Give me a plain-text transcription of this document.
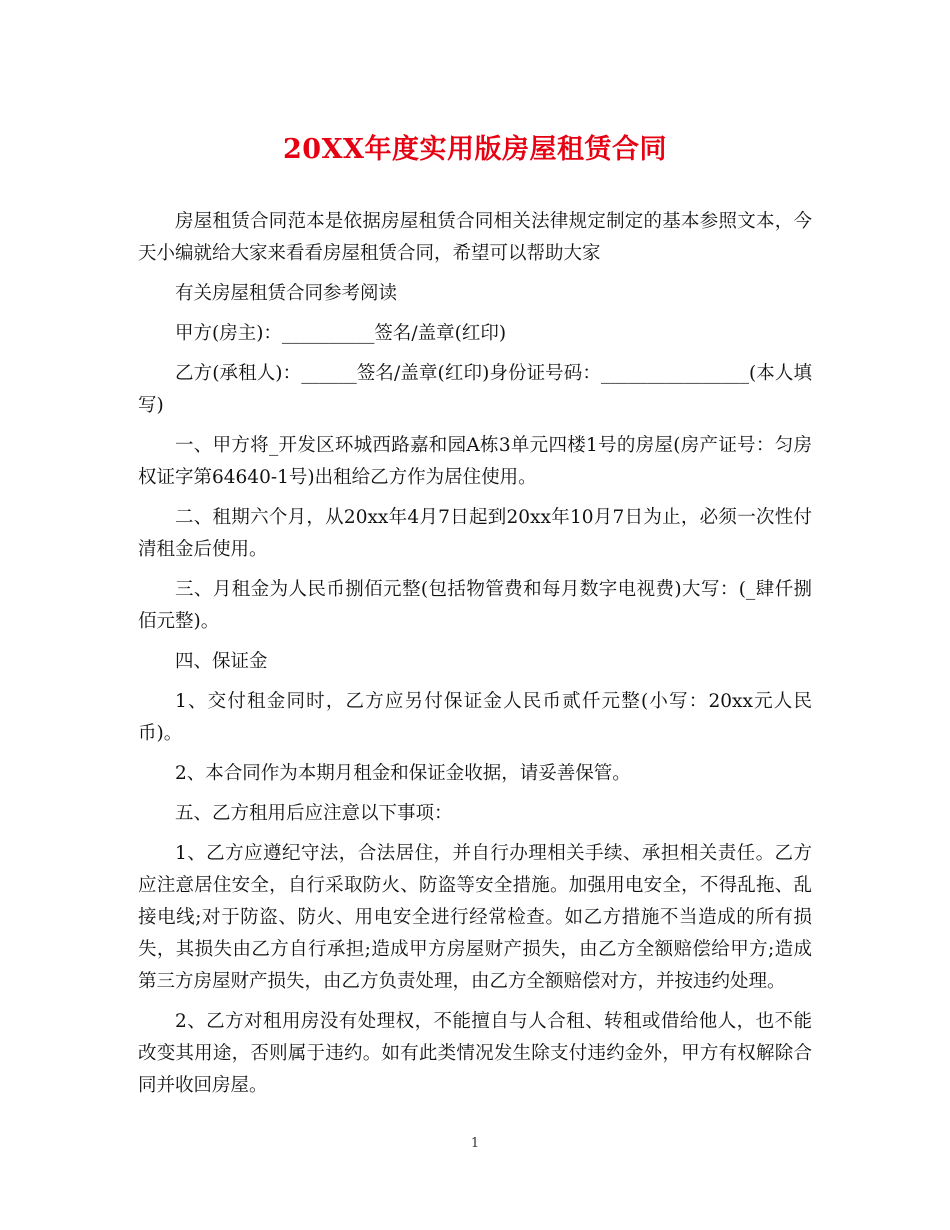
20XX年度实用版房屋租赁合同

房屋租赁合同范本是依据房屋租赁合同相关法律规定制定的基本参照文本，今天小编就给大家来看看房屋租赁合同，希望可以帮助大家

有关房屋租赁合同参考阅读

甲方(房主)：__________签名/盖章(红印)

乙方(承租人)：______签名/盖章(红印)身份证号码：________________(本人填写)

一、甲方将_开发区环城西路嘉和园A栋3单元四楼1号的房屋(房产证号：匀房权证字第64640-1号)出租给乙方作为居住使用。

二、租期六个月，从20xx年4月7日起到20xx年10月7日为止，必须一次性付清租金后使用。

三、月租金为人民币捌佰元整(包括物管费和每月数字电视费)大写：(_肆仟捌佰元整)。

四、保证金

1、交付租金同时，乙方应另付保证金人民币贰仟元整(小写：20xx元人民币)。

2、本合同作为本期月租金和保证金收据，请妥善保管。

五、乙方租用后应注意以下事项：

1、乙方应遵纪守法，合法居住，并自行办理相关手续、承担相关责任。乙方应注意居住安全，自行采取防火、防盗等安全措施。加强用电安全，不得乱拖、乱接电线;对于防盗、防火、用电安全进行经常检查。如乙方措施不当造成的所有损失，其损失由乙方自行承担;造成甲方房屋财产损失，由乙方全额赔偿给甲方;造成第三方房屋财产损失，由乙方负责处理，由乙方全额赔偿对方，并按违约处理。

2、乙方对租用房没有处理权，不能擅自与人合租、转租或借给他人，也不能改变其用途，否则属于违约。如有此类情况发生除支付违约金外，甲方有权解除合同并收回房屋。

1
